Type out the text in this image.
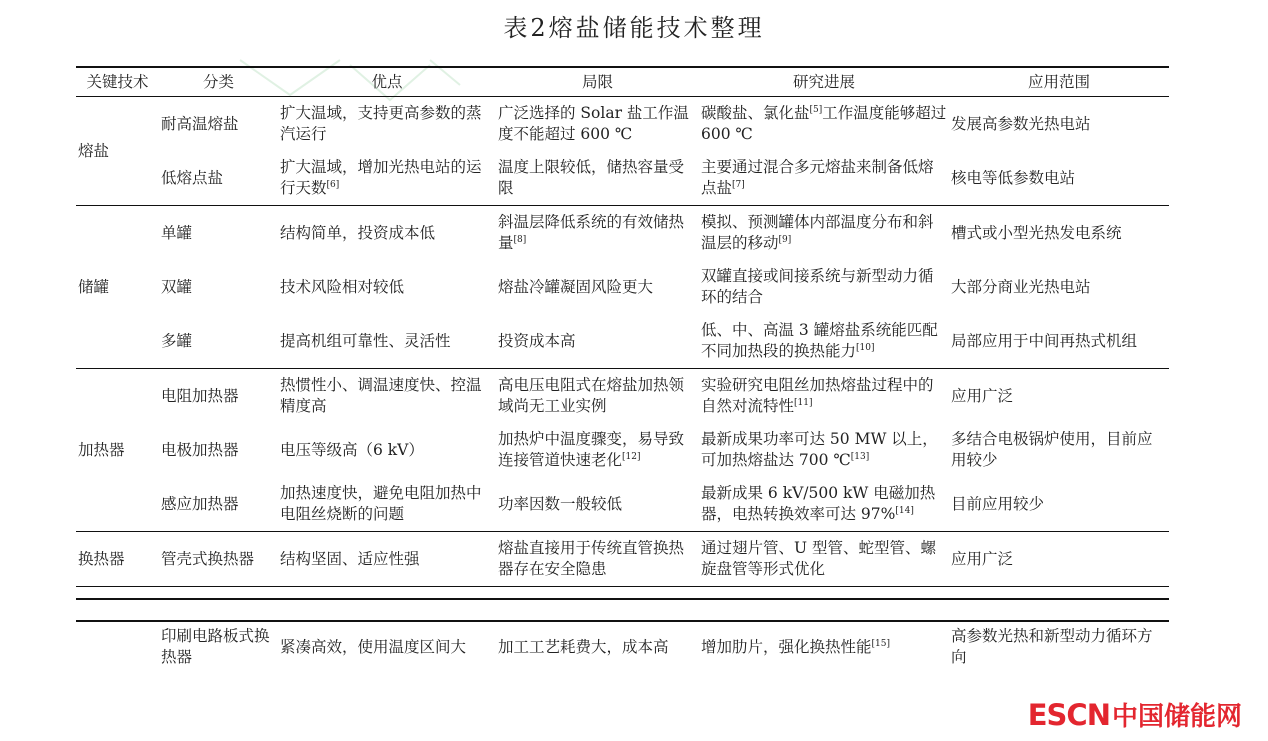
表2熔盐储能技术整理
关键技术	分类	优点	局限	研究进展	应用范围
熔盐	耐高温熔盐	扩大温域，支持更高参数的蒸汽运行	广泛选择的 Solar 盐工作温度不能超过 600 ℃	碳酸盐、氯化盐[5]工作温度能够超过 600 ℃	发展高参数光热电站
	低熔点盐	扩大温域，增加光热电站的运行天数[6]	温度上限较低，储热容量受限	主要通过混合多元熔盐来制备低熔点盐[7]	核电等低参数电站
储罐	单罐	结构简单，投资成本低	斜温层降低系统的有效储热量[8]	模拟、预测罐体内部温度分布和斜温层的移动[9]	槽式或小型光热发电系统
	双罐	技术风险相对较低	熔盐冷罐凝固风险更大	双罐直接或间接系统与新型动力循环的结合	大部分商业光热电站
	多罐	提高机组可靠性、灵活性	投资成本高	低、中、高温 3 罐熔盐系统能匹配不同加热段的换热能力[10]	局部应用于中间再热式机组
加热器	电阻加热器	热惯性小、调温速度快、控温精度高	高电压电阻式在熔盐加热领域尚无工业实例	实验研究电阻丝加热熔盐过程中的自然对流特性[11]	应用广泛
	电极加热器	电压等级高（6 kV）	加热炉中温度骤变，易导致连接管道快速老化[12]	最新成果功率可达 50 MW 以上，可加热熔盐达 700 ℃[13]	多结合电极锅炉使用，目前应用较少
	感应加热器	加热速度快，避免电阻加热中电阻丝烧断的问题	功率因数一般较低	最新成果 6 kV/500 kW 电磁加热器，电热转换效率可达 97%[14]	目前应用较少
换热器	管壳式换热器	结构坚固、适应性强	熔盐直接用于传统直管换热器存在安全隐患	通过翅片管、U 型管、蛇型管、螺旋盘管等形式优化	应用广泛
	印刷电路板式换热器	紧凑高效，使用温度区间大	加工工艺耗费大，成本高	增加肋片，强化换热性能[15]	高参数光热和新型动力循环方向
ESCN中国储能网
